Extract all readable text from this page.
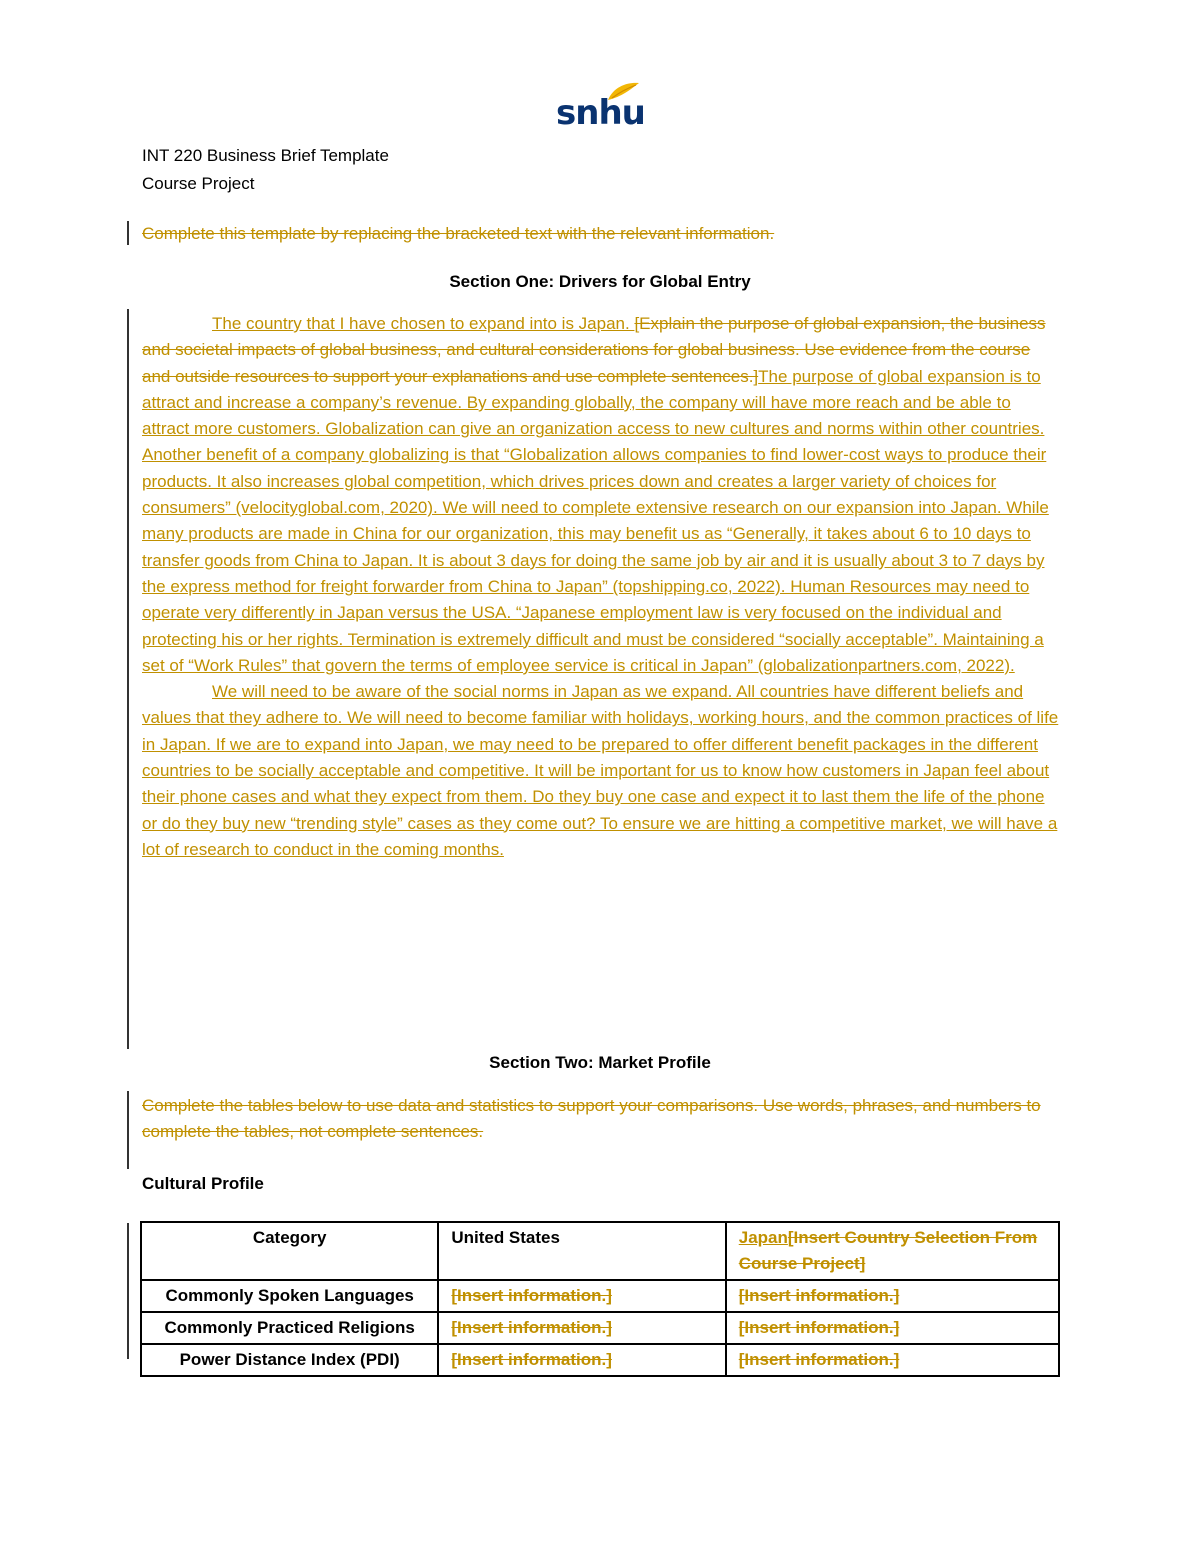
snhu
INT 220 Business Brief Template
Course Project
Complete this template by replacing the bracketed text with the relevant information.
Section One: Drivers for Global Entry

The country that I have chosen to expand into is Japan. [Explain the purpose of global expansion, the business and societal impacts of global business, and cultural considerations for global business. Use evidence from the course and outside resources to support your explanations and use complete sentences.]The purpose of global expansion is to attract and increase a company’s revenue. By expanding globally, the company will have more reach and be able to attract more customers. Globalization can give an organization access to new cultures and norms within other countries. Another benefit of a company globalizing is that “Globalization allows companies to find lower-cost ways to produce their products. It also increases global competition, which drives prices down and creates a larger variety of choices for consumers” (velocityglobal.com, 2020). We will need to complete extensive research on our expansion into Japan. While many products are made in China for our organization, this may benefit us as “Generally, it takes about 6 to 10 days to transfer goods from China to Japan. It is about 3 days for doing the same job by air and it is usually about 3 to 7 days by the express method for freight forwarder from China to Japan” (topshipping.co, 2022). Human Resources may need to operate very differently in Japan versus the USA. “Japanese employment law is very focused on the individual and protecting his or her rights. Termination is extremely difficult and must be considered “socially acceptable”. Maintaining a set of “Work Rules” that govern the terms of employee service is critical in Japan” (globalizationpartners.com, 2022).

We will need to be aware of the social norms in Japan as we expand. All countries have different beliefs and values that they adhere to. We will need to become familiar with holidays, working hours, and the common practices of life in Japan. If we are to expand into Japan, we may need to be prepared to offer different benefit packages in the different countries to be socially acceptable and competitive. It will be important for us to know how customers in Japan feel about their phone cases and what they expect from them. Do they buy one case and expect it to last them the life of the phone or do they buy new “trending style” cases as they come out? To ensure we are hitting a competitive market, we will have a lot of research to conduct in the coming months.

Section Two: Market Profile
Complete the tables below to use data and statistics to support your comparisons. Use words, phrases, and numbers to complete the tables, not complete sentences.
Cultural Profile
Category	United States	Japan[Insert Country Selection From Course Project]
Commonly Spoken Languages	[Insert information.]	[Insert information.]
Commonly Practiced Religions	[Insert information.]	[Insert information.]
Power Distance Index (PDI)	[Insert information.]	[Insert information.]
